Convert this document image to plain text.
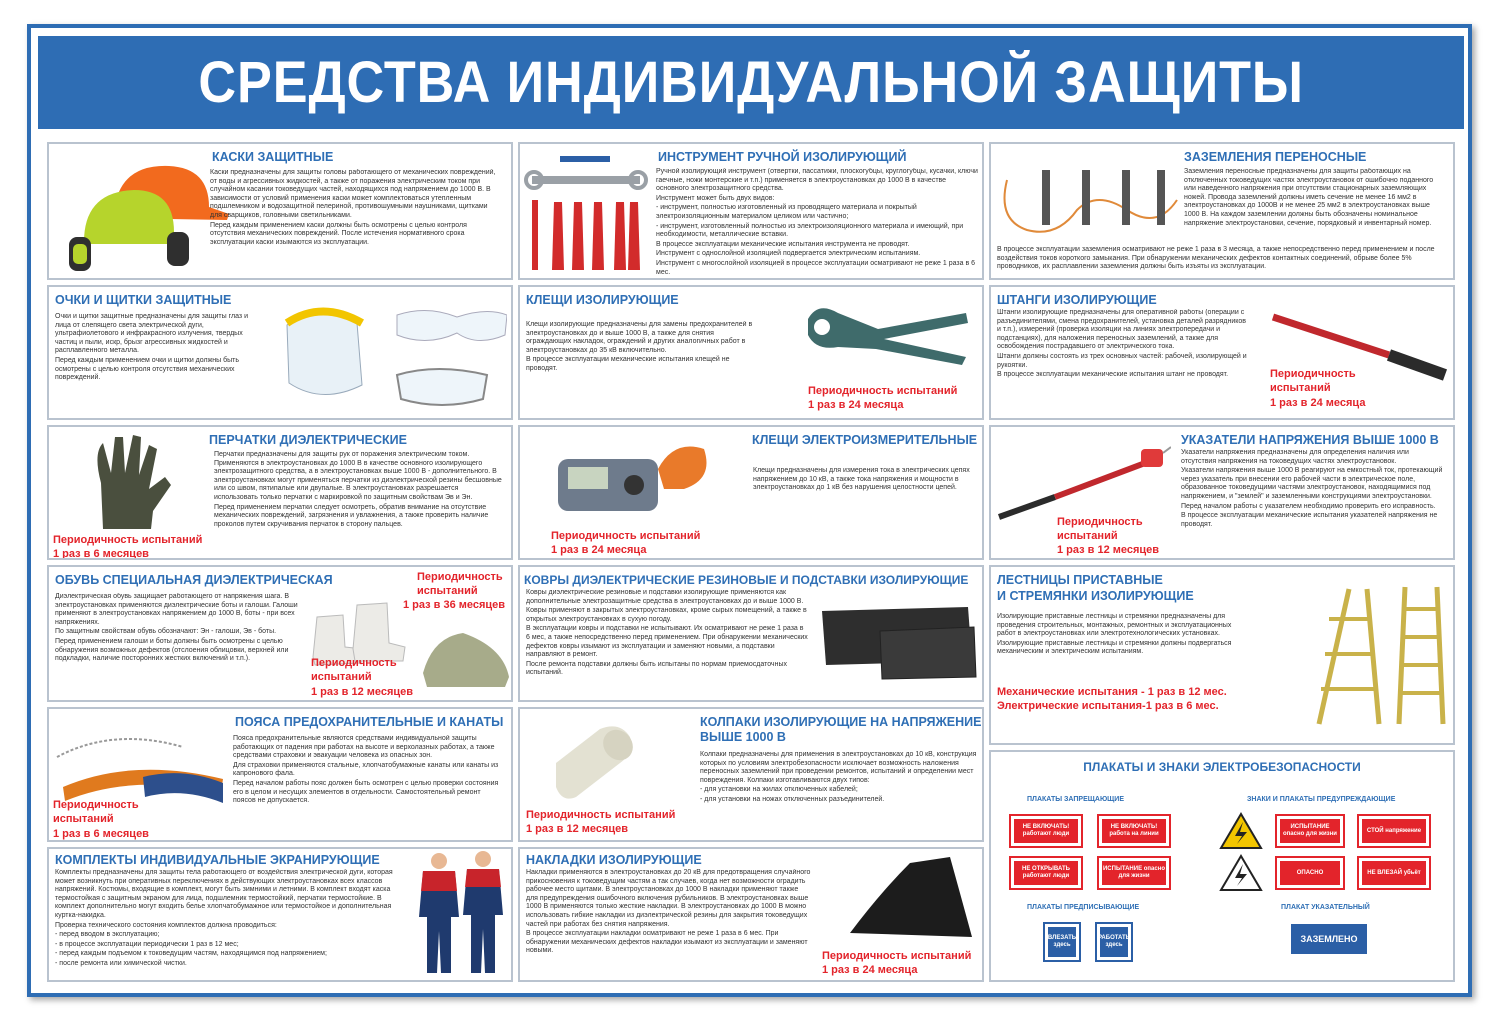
СРЕДСТВА ИНДИВИДУАЛЬНОЙ ЗАЩИТЫ
КАСКИ ЗАЩИТНЫЕ

Каски предназначены для защиты головы работающего от механических повреждений, от воды и агрессивных жидкостей, а также от поражения электрическим током при случайном касании токоведущих частей, находящихся под напряжением до 1000 В. В зависимости от условий применения каски может комплектоваться утепленным подшлемником и водозащитной пелериной, противошумными наушниками, щитками для сварщиков, головными светильниками.

Перед каждым применением каски должны быть осмотрены с целью контроля отсутствия механических повреждений. После истечения нормативного срока эксплуатации каски изымаются из эксплуатации.

ИНСТРУМЕНТ РУЧНОЙ ИЗОЛИРУЮЩИЙ

Ручной изолирующий инструмент (отвертки, пассатижи, плоскогубцы, круглогубцы, кусачки, ключи гаечные, ножи монтерские и т.п.) применяется в электроустановках до 1000 В в качестве основного электрозащитного средства.

Инструмент может быть двух видов:

- инструмент, полностью изготовленный из проводящего материала и покрытый электроизоляционным материалом целиком или частично;

- инструмент, изготовленный полностью из электроизоляционного материала и имеющий, при необходимости, металлические вставки.

В процессе эксплуатации механические испытания инструмента не проводят.

Инструмент с однослойной изоляцией подвергается электрическим испытаниям.

Инструмент с многослойной изоляцией в процессе эксплуатации осматривают не реже 1 раза в 6 мес.

ЗАЗЕМЛЕНИЯ ПЕРЕНОСНЫЕ
Заземления переносные предназначены для защиты работающих на отключенных токоведущих частях электроустановок от ошибочно поданного или наведенного напряжения при отсутствии стационарных заземляющих ножей. Провода заземлений должны иметь сечение не менее 16 мм2 в электроустановках до 1000В и не менее 25 мм2 в электроустановках выше 1000 В. На каждом заземлении должны быть обозначены номинальное напряжение электроустановки, сечение, порядковый и инвентарный номер.
В процессе эксплуатации заземления осматривают не реже 1 раза в 3 месяца, а также непосредственно перед применением и после воздействия токов короткого замыкания. При обнаружении механических дефектов контактных соединений, обрыве более 5% проводников, их расплавлении заземления должны быть изъяты из эксплуатации.
ОЧКИ И ЩИТКИ ЗАЩИТНЫЕ

Очки и щитки защитные предназначены для защиты глаз и лица от слепящего света электрической дуги, ультрафиолетового и инфракрасного излучения, твердых частиц и пыли, искр, брызг агрессивных жидкостей и расплавленного металла.

Перед каждым применением очки и щитки должны быть осмотрены с целью контроля отсутствия механических повреждений.

КЛЕЩИ ИЗОЛИРУЮЩИЕ

Клещи изолирующие предназначены для замены предохранителей в электроустановках до и выше 1000 В, а также для снятия ограждающих накладок, ограждений и других аналогичных работ в электроустановках до 35 кВ включительно.

В процессе эксплуатации механические испытания клещей не проводят.

Периодичность испытаний
1 раз в 24 месяца
ШТАНГИ ИЗОЛИРУЮЩИЕ

Штанги изолирующие предназначены для оперативной работы (операции с разъединителями, смена предохранителей, установка деталей разрядников и т.п.), измерений (проверка изоляции на линиях электропередачи и подстанциях), для наложения переносных заземлений, а также для освобождения пострадавшего от электрического тока.

Штанги должны состоять из трех основных частей: рабочей, изолирующей и рукоятки.

В процессе эксплуатации механические испытания штанг не проводят.	Периодичность
испытаний
1 раз в 24 месяца
ПЕРЧАТКИ ДИЭЛЕКТРИЧЕСКИЕ

Перчатки предназначены для защиты рук от поражения электрическим током. Применяются в электроустановках до 1000 В в качестве основного изолирующего электрозащитного средства, а в электроустановках выше 1000 В - дополнительного. В электроустановках могут применяться перчатки из диэлектрической резины бесшовные или со швом, пятипалые или двупалые. В электроустановках разрешается использовать только перчатки с маркировкой по защитным свойствам Эв и Эн.

Перед применением перчатки следует осмотреть, обратив внимание на отсутствие механических повреждений, загрязнения и увлажнения, а также проверить наличие проколов путем скручивания перчаток в сторону пальцев.

Периодичность испытаний
1 раз в 6 месяцев
КЛЕЩИ ЭЛЕКТРОИЗМЕРИТЕЛЬНЫЕ
Клещи предназначены для измерения тока в электрических цепях напряжением до 10 кВ, а также тока напряжения и мощности в электроустановках до 1 кВ без нарушения целостности цепей.
Периодичность испытаний
1 раз в 24 месяца
УКАЗАТЕЛИ НАПРЯЖЕНИЯ ВЫШЕ 1000 В

Указатели напряжения предназначены для определения наличия или отсутствия напряжения на токоведущих частях электроустановок.

Указатели напряжения выше 1000 В реагируют на емкостный ток, протекающий через указатель при внесении его рабочей части в электрическое поле, образованное токоведущими частями электроустановок, находящимися под напряжением, и "землей" и заземленными конструкциями электроустановки.

Перед началом работы с указателем необходимо проверить его исправность.

В процессе эксплуатации механические испытания указателей напряжения не проводят.

Периодичность
испытаний
1 раз в 12 месяцев
ОБУВЬ СПЕЦИАЛЬНАЯ ДИЭЛЕКТРИЧЕСКАЯ

Диэлектрическая обувь защищает работающего от напряжения шага. В электроустановках применяются диэлектрические боты и галоши. Галоши применяют в электроустановках напряжением до 1000 В, боты - при всех напряжениях.

По защитным свойствам обувь обозначают: Эн - галоши, Эв - боты.

Перед применением галоши и боты должны быть осмотрены с целью обнаружения возможных дефектов (отслоения облицовки, верхней или подкладки, наличие посторонних жестких включений и т.п.).

Периодичность
испытаний
1 раз в 36 месяцев
Периодичность
испытаний
1 раз в 12 месяцев
КОВРЫ ДИЭЛЕКТРИЧЕСКИЕ РЕЗИНОВЫЕ И ПОДСТАВКИ ИЗОЛИРУЮЩИЕ

Ковры диэлектрические резиновые и подставки изолирующие применяются как дополнительные электрозащитные средства в электроустановках до и выше 1000 В.

Ковры применяют в закрытых электроустановках, кроме сырых помещений, а также в открытых электроустановках в сухую погоду.

В эксплуатации ковры и подставки не испытывают. Их осматривают не реже 1 раза в 6 мес, а также непосредственно перед применением. При обнаружении механических дефектов ковры изымают из эксплуатации и заменяют новыми, а подставки направляют в ремонт.

После ремонта подставки должны быть испытаны по нормам приемосдаточных испытаний.

ЛЕСТНИЦЫ ПРИСТАВНЫЕ
И СТРЕМЯНКИ ИЗОЛИРУЮЩИЕ

Изолирующие приставные лестницы и стремянки предназначены для проведения строительных, монтажных, ремонтных и эксплуатационных работ в электроустановках или электротехнологических установках.

Изолирующие приставные лестницы и стремянки должны подвергаться механическим и электрическим испытаниям.

Механические испытания - 1 раз в 12 мес.
Электрические испытания-1 раз в 6 мес.
ПОЯСА ПРЕДОХРАНИТЕЛЬНЫЕ И КАНАТЫ

Пояса предохранительные являются средствами индивидуальной защиты работающих от падения при работах на высоте и верхолазных работах, а также средствами страховки и эвакуации человека из опасных зон.

Для страховки применяются стальные, хлопчатобумажные канаты или канаты из капронового фала.

Перед началом работы пояс должен быть осмотрен с целью проверки состояния его в целом и несущих элементов в отдельности. Самостоятельный ремонт поясов не допускается.

Периодичность
испытаний
1 раз в 6 месяцев
КОЛПАКИ ИЗОЛИРУЮЩИЕ НА НАПРЯЖЕНИЕ
ВЫШЕ 1000 В

Колпаки предназначены для применения в электроустановках до 10 кВ, конструкция которых по условиям электробезопасности исключает возможность наложения переносных заземлений при проведении ремонтов, испытаний и определении мест повреждения. Колпаки изготавливаются двух типов:

- для установки на жилах отключенных кабелей;

- для установки на ножах отключенных разъединителей.

Периодичность испытаний
1 раз в 12 месяцев
ПЛАКАТЫ И ЗНАКИ ЭЛЕКТРОБЕЗОПАСНОСТИ
ПЛАКАТЫ ЗАПРЕЩАЮЩИЕ	ЗНАКИ И ПЛАКАТЫ ПРЕДУПРЕЖДАЮЩИЕ
НЕ ВКЛЮЧАТЬ! работают люди
НЕ ВКЛЮЧАТЬ! работа на линии
НЕ ОТКРЫВАТЬ работают люди
ИСПЫТАНИЕ опасно для жизни
ИСПЫТАНИЕ опасно для жизни
СТОЙ напряжение
ОПАСНО	НЕ ВЛЕЗАЙ убьёт
ПЛАКАТЫ ПРЕДПИСЫВАЮЩИЕ	ПЛАКАТ УКАЗАТЕЛЬНЫЙ
ВЛЕЗАТЬ здесь
РАБОТАТЬ здесь
ЗАЗЕМЛЕНО
КОМПЛЕКТЫ ИНДИВИДУАЛЬНЫЕ ЭКРАНИРУЮЩИЕ

Комплекты предназначены для защиты тела работающего от воздействия электрической дуги, которая может возникнуть при оперативных переключениях в действующих электроустановках всех классов напряжений. Костюмы, входящие в комплект, могут быть зимними и летними. В комплект входят каска термостойкая с защитным экраном для лица, подшлемник термостойкий, перчатки термостойкие. В комплект дополнительно могут входить белье хлопчатобумажное или термостойкое и дополнительная куртка-накидка.

Проверка технического состояния комплектов должна проводиться:

- перед вводом в эксплуатацию;

- в процессе эксплуатации периодически 1 раз в 12 мес;

- перед каждым подъемом к токоведущим частям, находящимся под напряжением;

- после ремонта или химической чистки.

НАКЛАДКИ ИЗОЛИРУЮЩИЕ

Накладки применяются в электроустановках до 20 кВ для предотвращения случайного прикосновения к токоведущим частям а так случаев, когда нет возможности оградить рабочее место щитами. В электроустановках до 1000 В накладки применяют также для предупреждения ошибочного включения рубильников. В электроустановках выше 1000 В применяются только жесткие накладки. В электроустановках до 1000 В можно использовать гибкие накладки из диэлектрической резины для закрытия токоведущих частей при работах без снятия напряжения.

В процессе эксплуатации накладки осматривают не реже 1 раза в 6 мес. При обнаружении механических дефектов накладки изымают из эксплуатации и заменяют новыми.	Периодичность испытаний
1 раз в 24 месяца
